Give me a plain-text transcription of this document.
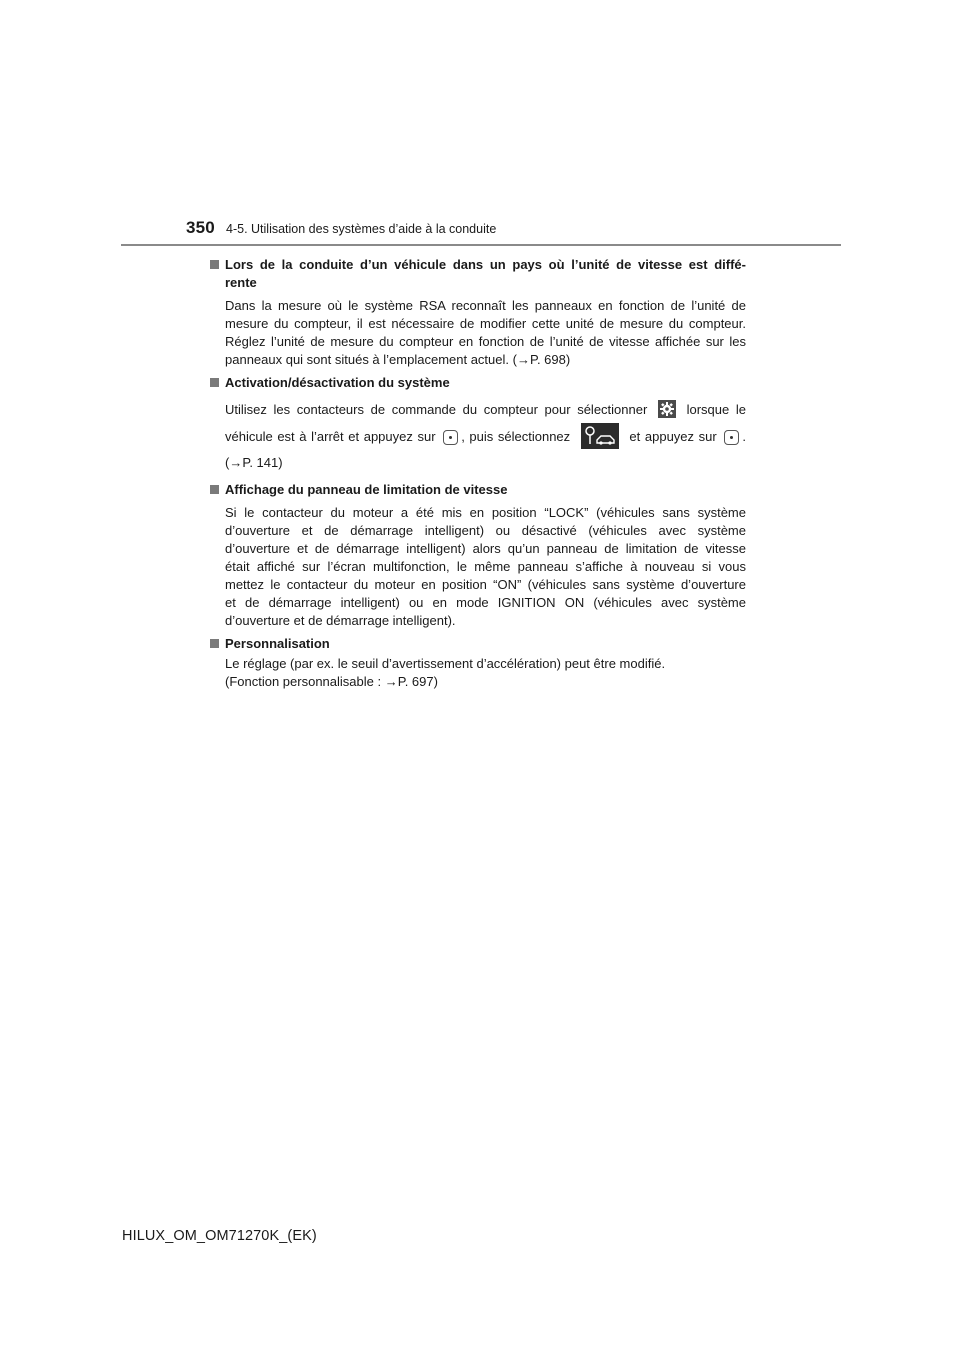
350 4-5. Utilisation des systèmes d’aide à la conduite
Lors de la conduite d’un véhicule dans un pays où l’unité de vitesse est diffé-
rente
Dans la mesure où le système RSA reconnaît les panneaux en fonction de l’unité de
mesure du compteur, il est nécessaire de modifier cette unité de mesure du compteur.
Réglez l’unité de mesure du compteur en fonction de l’unité de vitesse affichée sur les
panneaux qui sont situés à l’emplacement actuel. (→P. 698)
Activation/désactivation du système
Utilisez les contacteurs de commande du compteur pour sélectionner	lorsque le
véhicule est à l’arrêt et appuyez sur , puis sélectionnez	et appuyez sur .
(→P. 141)
Affichage du panneau de limitation de vitesse
Si le contacteur du moteur a été mis en position “LOCK” (véhicules sans système
d’ouverture et de démarrage intelligent) ou désactivé (véhicules avec système
d’ouverture et de démarrage intelligent) alors qu’un panneau de limitation de vitesse
était affiché sur l’écran multifonction, le même panneau s’affiche à nouveau si vous
mettez le contacteur du moteur en position “ON” (véhicules sans système d’ouverture
et de démarrage intelligent) ou en mode IGNITION ON (véhicules avec système
d’ouverture et de démarrage intelligent).
Personnalisation
Le réglage (par ex. le seuil d’avertissement d’accélération) peut être modifié.
(Fonction personnalisable : →P. 697)
HILUX_OM_OM71270K_(EK)
